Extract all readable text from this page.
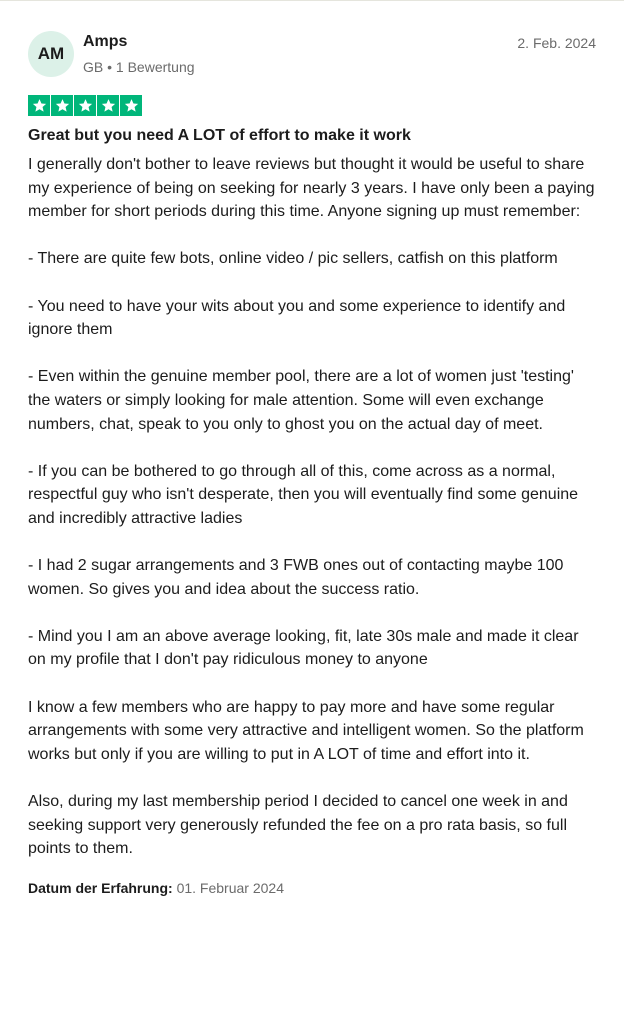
AM
Amps
GB • 1 Bewertung
2. Feb. 2024
Great but you need A LOT of effort to make it work

I generally don't bother to leave reviews but thought it would be useful to share my experience of being on seeking for nearly 3 years. I have only been a paying member for short periods during this time. Anyone signing up must remember:

- There are quite few bots, online video / pic sellers, catfish on this platform

- You need to have your wits about you and some experience to identify and ignore them

- Even within the genuine member pool, there are a lot of women just 'testing' the waters or simply looking for male attention. Some will even exchange numbers, chat, speak to you only to ghost you on the actual day of meet.

- If you can be bothered to go through all of this, come across as a normal, respectful guy who isn't desperate, then you will eventually find some genuine and incredibly attractive ladies

- I had 2 sugar arrangements and 3 FWB ones out of contacting maybe 100 women. So gives you and idea about the success ratio.

- Mind you I am an above average looking, fit, late 30s male and made it clear on my profile that I don't pay ridiculous money to anyone

I know a few members who are happy to pay more and have some regular arrangements with some very attractive and intelligent women. So the platform works but only if you are willing to put in A LOT of time and effort into it.

Also, during my last membership period I decided to cancel one week in and seeking support very generously refunded the fee on a pro rata basis, so full points to them.

Datum der Erfahrung: 01. Februar 2024
